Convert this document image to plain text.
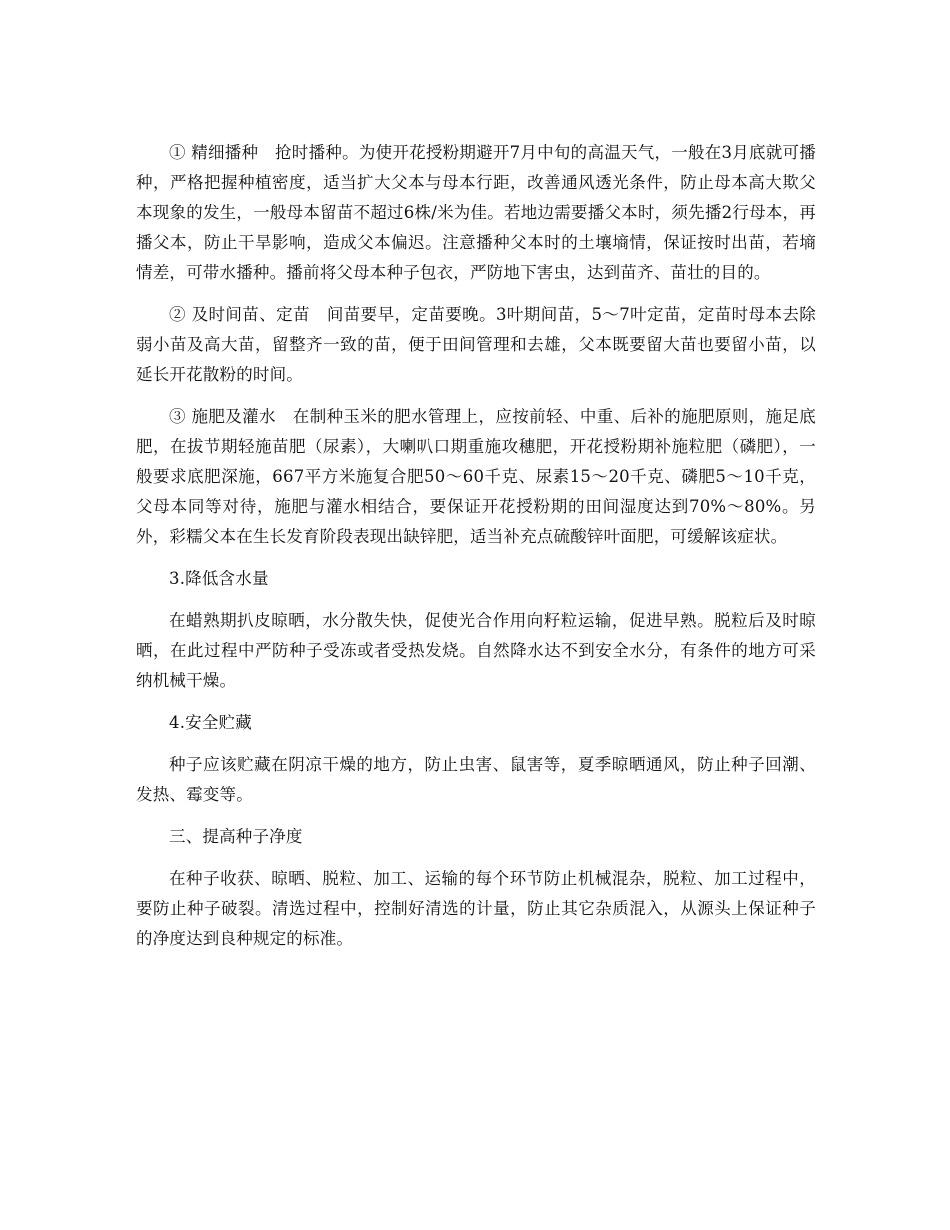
① 精细播种　抢时播种。为使开花授粉期避开7月中旬的高温天气，一般在3月底就可播种，严格把握种植密度，适当扩大父本与母本行距，改善通风透光条件，防止母本高大欺父本现象的发生，一般母本留苗不超过6株/米为佳。若地边需要播父本时，须先播2行母本，再播父本，防止干旱影响，造成父本偏迟。注意播种父本时的土壤墒情，保证按时出苗，若墒情差，可带水播种。播前将父母本种子包衣，严防地下害虫，达到苗齐、苗壮的目的。

② 及时间苗、定苗　间苗要早，定苗要晚。3叶期间苗，5～7叶定苗，定苗时母本去除弱小苗及高大苗，留整齐一致的苗，便于田间管理和去雄，父本既要留大苗也要留小苗，以延长开花散粉的时间。

③ 施肥及灌水　在制种玉米的肥水管理上，应按前轻、中重、后补的施肥原则，施足底肥，在拔节期轻施苗肥（尿素），大喇叭口期重施攻穗肥，开花授粉期补施粒肥（磷肥），一般要求底肥深施，667平方米施复合肥50～60千克、尿素15～20千克、磷肥5～10千克，父母本同等对待，施肥与灌水相结合，要保证开花授粉期的田间湿度达到70%～80%。另外，彩糯父本在生长发育阶段表现出缺锌肥，适当补充点硫酸锌叶面肥，可缓解该症状。

3.降低含水量

在蜡熟期扒皮晾晒，水分散失快，促使光合作用向籽粒运输，促进早熟。脱粒后及时晾晒，在此过程中严防种子受冻或者受热发烧。自然降水达不到安全水分，有条件的地方可采纳机械干燥。

4.安全贮藏

种子应该贮藏在阴凉干燥的地方，防止虫害、鼠害等，夏季晾晒通风，防止种子回潮、发热、霉变等。

三、提高种子净度

在种子收获、晾晒、脱粒、加工、运输的每个环节防止机械混杂，脱粒、加工过程中，要防止种子破裂。清选过程中，控制好清选的计量，防止其它杂质混入，从源头上保证种子的净度达到良种规定的标准。
